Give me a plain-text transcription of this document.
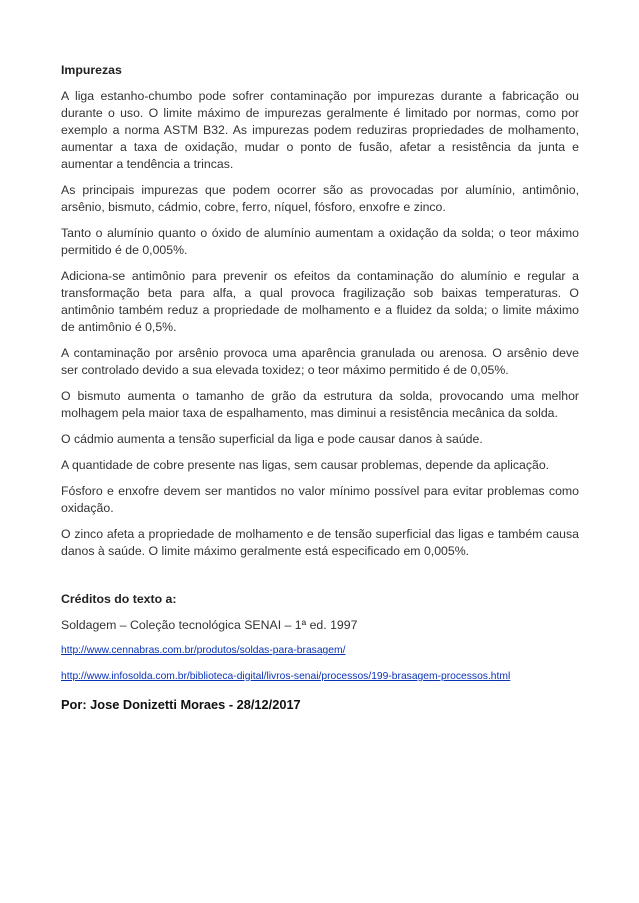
Impurezas

A liga estanho-chumbo pode sofrer contaminação por impurezas durante a fabricação ou durante o uso. O limite máximo de impurezas geralmente é limitado por normas, como por exemplo a norma ASTM B32. As impurezas podem reduziras propriedades de molhamento, aumentar a taxa de oxidação, mudar o ponto de fusão, afetar a resistência da junta e aumentar a tendência a trincas.

As principais impurezas que podem ocorrer são as provocadas por alumínio, antimônio, arsênio, bismuto, cádmio, cobre, ferro, níquel, fósforo, enxofre e zinco.

Tanto o alumínio quanto o óxido de alumínio aumentam a oxidação da solda; o teor máximo permitido é de 0,005%.

Adiciona-se antimônio para prevenir os efeitos da contaminação do alumínio e regular a transformação beta para alfa, a qual provoca fragilização sob baixas temperaturas. O antimônio também reduz a propriedade de molhamento e a fluidez da solda; o limite máximo de antimônio é 0,5%.

A contaminação por arsênio provoca uma aparência granulada ou arenosa. O arsênio deve ser controlado devido a sua elevada toxidez; o teor máximo permitido é de 0,05%.

O bismuto aumenta o tamanho de grão da estrutura da solda, provocando uma melhor molhagem pela maior taxa de espalhamento, mas diminui a resistência mecânica da solda.

O cádmio aumenta a tensão superficial da liga e pode causar danos à saúde.

A quantidade de cobre presente nas ligas, sem causar problemas, depende da aplicação.

Fósforo e enxofre devem ser mantidos no valor mínimo possível para evitar problemas como oxidação.

O zinco afeta a propriedade de molhamento e de tensão superficial das ligas e também causa danos à saúde. O limite máximo geralmente está especificado em 0,005%.

Créditos do texto a:

Soldagem – Coleção tecnológica SENAI – 1ª ed. 1997

http://www.cennabras.com.br/produtos/soldas-para-brasagem/
http://www.infosolda.com.br/biblioteca-digital/livros-senai/processos/199-brasagem-processos.html

Por: Jose Donizetti Moraes - 28/12/2017
